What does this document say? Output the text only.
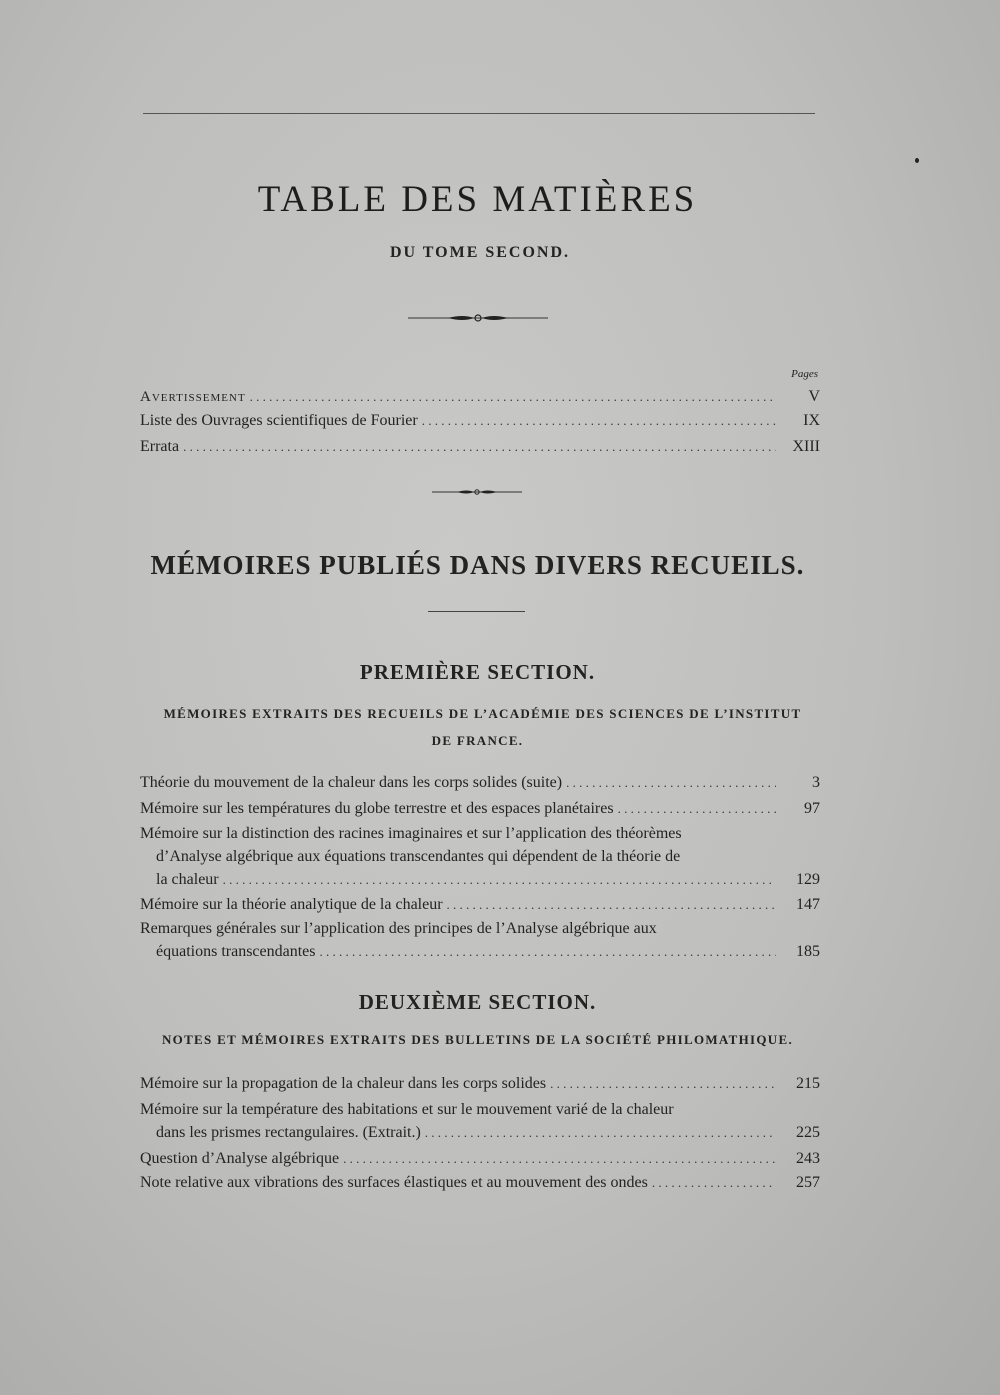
TABLE DES MATIÈRES
DU TOME SECOND.
Pages
Avertissement . . .	V
Liste des Ouvrages scientifiques de Fourier . . .	IX
Errata . . .	XIII
MÉMOIRES PUBLIÉS DANS DIVERS RECUEILS.
PREMIÈRE SECTION.
MÉMOIRES EXTRAITS DES RECUEILS DE L’ACADÉMIE DES SCIENCES DE L’INSTITUT
DE FRANCE.
Théorie du mouvement de la chaleur dans les corps solides (suite) . . .	3
Mémoire sur les températures du globe terrestre et des espaces planétaires . . .	97
Mémoire sur la distinction des racines imaginaires et sur l’application des théorèmes
d’Analyse algébrique aux équations transcendantes qui dépendent de la théorie de
la chaleur . . .	129
Mémoire sur la théorie analytique de la chaleur . . .	147
Remarques générales sur l’application des principes de l’Analyse algébrique aux
équations transcendantes . . .	185
DEUXIÈME SECTION.
NOTES ET MÉMOIRES EXTRAITS DES BULLETINS DE LA SOCIÉTÉ PHILOMATHIQUE.
Mémoire sur la propagation de la chaleur dans les corps solides . . .	215
Mémoire sur la température des habitations et sur le mouvement varié de la chaleur
dans les prismes rectangulaires. (Extrait.) . . .	225
Question d’Analyse algébrique . . .	243
Note relative aux vibrations des surfaces élastiques et au mouvement des ondes . . .	257
